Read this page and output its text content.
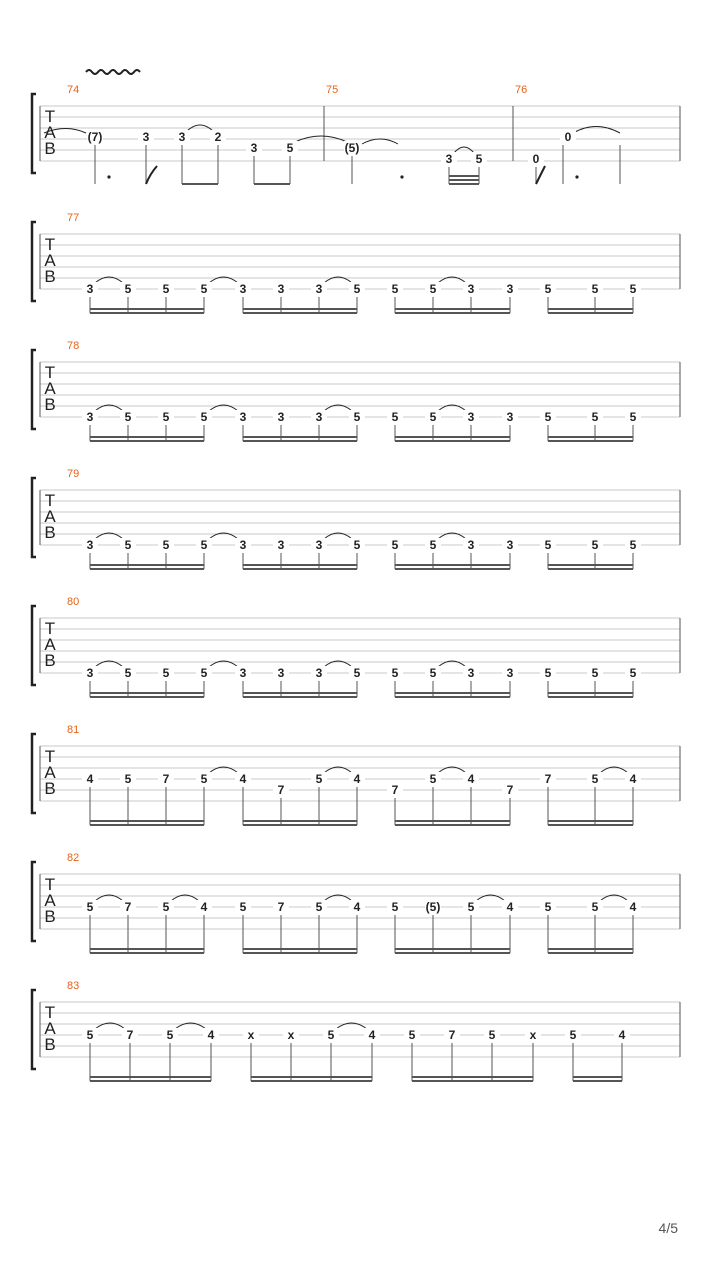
T
A
B
74	75	76
(7)	3 3 2
3 5	(5)
3 5	0
0
T
A
B
77
3	5	5	5	3	3	3	5	5	5	3	3	5	5	5
T
A
B
78
3	5	5	5	3	3	3	5	5	5	3	3	5	5	5
T
A
B
79
3	5	5	5	3	3	3	5	5	5	3	3	5	5	5
T
A
B
80
3	5	5	5	3	3	3	5	5	5	3	3	5	5	5
T
A
B
81
4	5	7	5	4
7
5	4
7
5	4
7
7	5	4
T
A
B
82
5	7	5	4	5	7	5	4	5 (5) 5	4	5	5	4
T
A
B
83
5	7	5	4	x	x	5	4	5	7	5	x	5	4
4/5
